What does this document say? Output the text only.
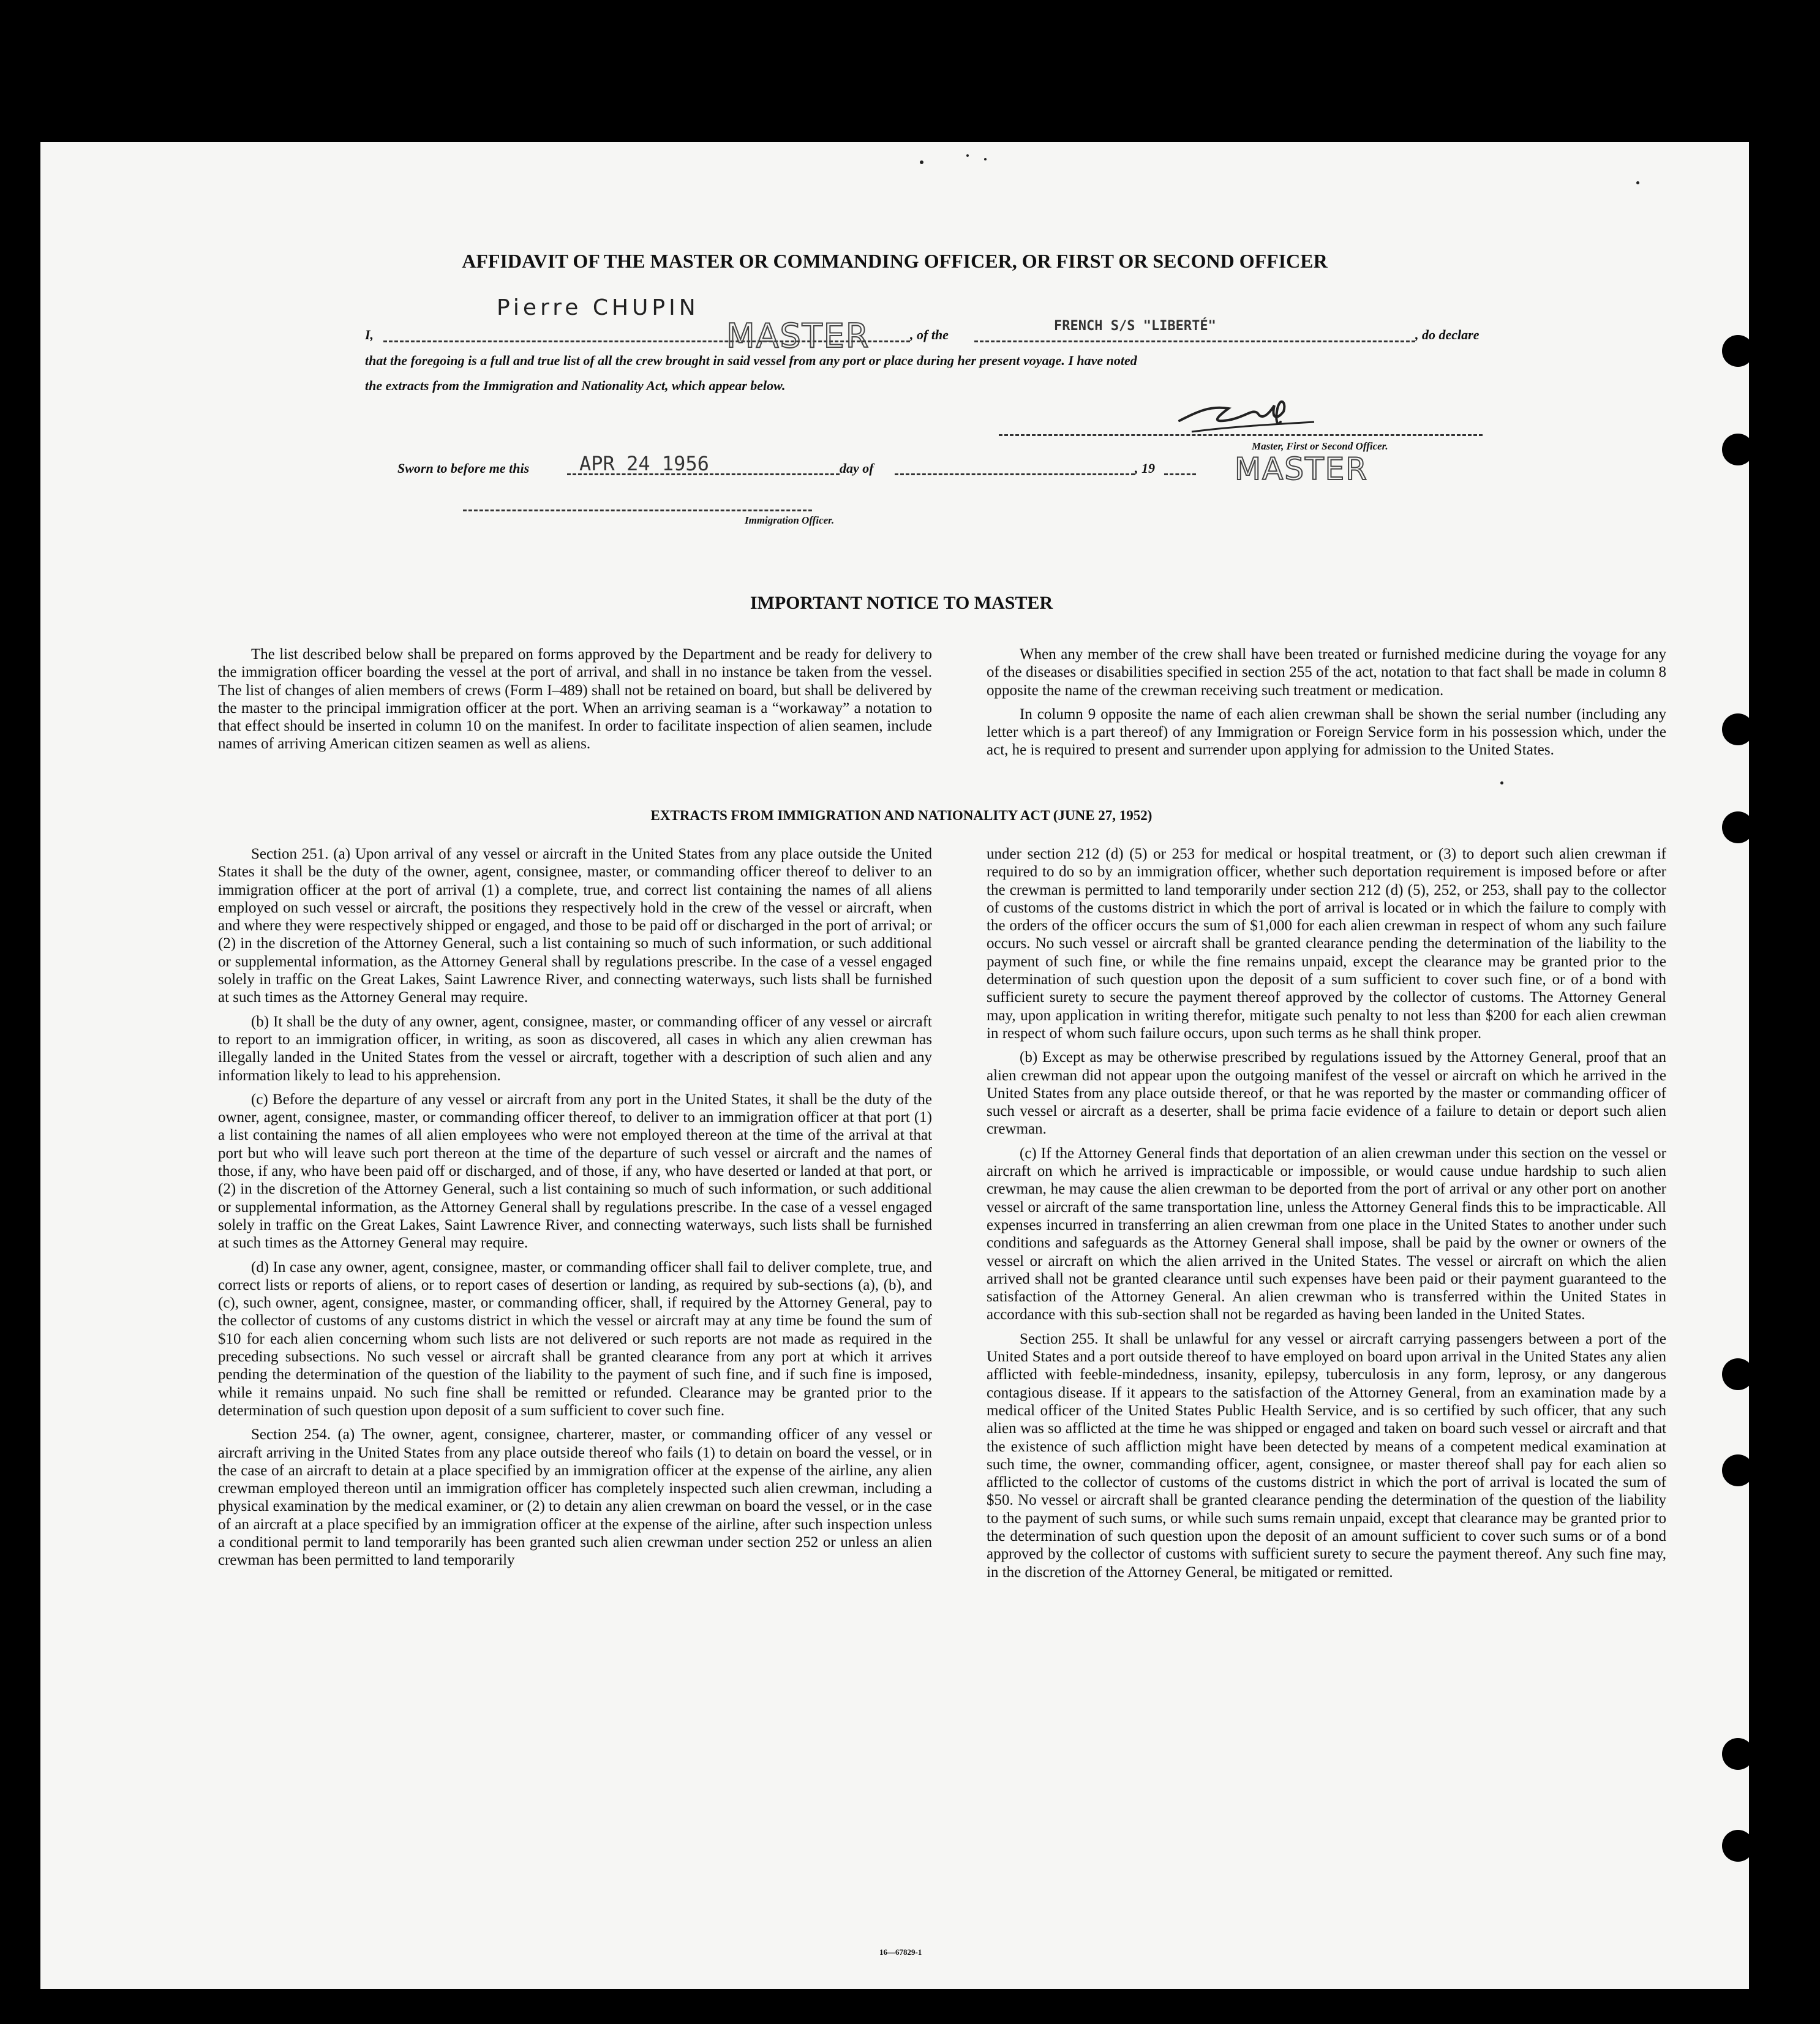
AFFIDAVIT OF THE MASTER OR COMMANDING OFFICER, OR FIRST OR SECOND OFFICER
I,
Pierre CHUPIN
MASTER	, of the
FRENCH S/S "LIBERTÉ"
, do declare
that the foregoing is a full and true list of all the crew brought in said vessel from any port or place during her present voyage. I have noted
the extracts from the Immigration and Nationality Act, which appear below.
Master, First or Second Officer.
MASTER
Sworn to before me this	APR 24 1956	day of	, 19
Immigration Officer.
IMPORTANT NOTICE TO MASTER

The list described below shall be prepared on forms approved by the Department and be ready for delivery to the immigration officer boarding the vessel at the port of arrival, and shall in no instance be taken from the vessel. The list of changes of alien members of crews (Form I–489) shall not be retained on board, but shall be delivered by the master to the principal immigration officer at the port. When an arriving seaman is a “workaway” a notation to that effect should be inserted in column 10 on the manifest. In order to facilitate inspection of alien seamen, include names of arriving American citizen seamen as well as aliens.

When any member of the crew shall have been treated or furnished medicine during the voyage for any of the diseases or disabilities specified in section 255 of the act, notation to that fact shall be made in column 8 opposite the name of the crewman receiving such treatment or medication.

In column 9 opposite the name of each alien crewman shall be shown the serial number (including any letter which is a part thereof) of any Immigration or Foreign Service form in his possession which, under the act, he is required to present and surrender upon applying for admission to the United States.

EXTRACTS FROM IMMIGRATION AND NATIONALITY ACT (JUNE 27, 1952)

Section 251. (a) Upon arrival of any vessel or aircraft in the United States from any place outside the United States it shall be the duty of the owner, agent, consignee, master, or commanding officer thereof to deliver to an immigration officer at the port of arrival (1) a complete, true, and correct list containing the names of all aliens employed on such vessel or aircraft, the positions they respectively hold in the crew of the vessel or aircraft, when and where they were respectively shipped or engaged, and those to be paid off or discharged in the port of arrival; or (2) in the discretion of the Attorney General, such a list containing so much of such information, or such additional or supplemental information, as the Attorney General shall by regulations prescribe. In the case of a vessel engaged solely in traffic on the Great Lakes, Saint Lawrence River, and connecting waterways, such lists shall be furnished at such times as the Attorney General may require.

(b) It shall be the duty of any owner, agent, consignee, master, or commanding officer of any vessel or aircraft to report to an immigration officer, in writing, as soon as discovered, all cases in which any alien crewman has illegally landed in the United States from the vessel or aircraft, together with a description of such alien and any information likely to lead to his apprehension.

(c) Before the departure of any vessel or aircraft from any port in the United States, it shall be the duty of the owner, agent, consignee, master, or commanding officer thereof, to deliver to an immigration officer at that port (1) a list containing the names of all alien employees who were not employed thereon at the time of the arrival at that port but who will leave such port thereon at the time of the departure of such vessel or aircraft and the names of those, if any, who have been paid off or discharged, and of those, if any, who have deserted or landed at that port, or (2) in the discretion of the Attorney General, such a list containing so much of such information, or such additional or supplemental information, as the Attorney General shall by regulations prescribe. In the case of a vessel engaged solely in traffic on the Great Lakes, Saint Lawrence River, and connecting waterways, such lists shall be furnished at such times as the Attorney General may require.

(d) In case any owner, agent, consignee, master, or commanding officer shall fail to deliver complete, true, and correct lists or reports of aliens, or to report cases of desertion or landing, as required by sub-sections (a), (b), and (c), such owner, agent, consignee, master, or commanding officer, shall, if required by the Attorney General, pay to the collector of customs of any customs district in which the vessel or aircraft may at any time be found the sum of $10 for each alien concerning whom such lists are not delivered or such reports are not made as required in the preceding subsections. No such vessel or aircraft shall be granted clearance from any port at which it arrives pending the determination of the question of the liability to the payment of such fine, and if such fine is imposed, while it remains unpaid. No such fine shall be remitted or refunded. Clearance may be granted prior to the determination of such question upon deposit of a sum sufficient to cover such fine.

Section 254. (a) The owner, agent, consignee, charterer, master, or commanding officer of any vessel or aircraft arriving in the United States from any place outside thereof who fails (1) to detain on board the vessel, or in the case of an aircraft to detain at a place specified by an immigration officer at the expense of the airline, any alien crewman employed thereon until an immigration officer has completely inspected such alien crewman, including a physical examination by the medical examiner, or (2) to detain any alien crewman on board the vessel, or in the case of an aircraft at a place specified by an immigration officer at the expense of the airline, after such inspection unless a conditional permit to land temporarily has been granted such alien crewman under section 252 or unless an alien crewman has been permitted to land temporarily

under section 212 (d) (5) or 253 for medical or hospital treatment, or (3) to deport such alien crewman if required to do so by an immigration officer, whether such deportation requirement is imposed before or after the crewman is permitted to land temporarily under section 212 (d) (5), 252, or 253, shall pay to the collector of customs of the customs district in which the port of arrival is located or in which the failure to comply with the orders of the officer occurs the sum of $1,000 for each alien crewman in respect of whom any such failure occurs. No such vessel or aircraft shall be granted clearance pending the determination of the liability to the payment of such fine, or while the fine remains unpaid, except the clearance may be granted prior to the determination of such question upon the deposit of a sum sufficient to cover such fine, or of a bond with sufficient surety to secure the payment thereof approved by the collector of customs. The Attorney General may, upon application in writing therefor, mitigate such penalty to not less than $200 for each alien crewman in respect of whom such failure occurs, upon such terms as he shall think proper.

(b) Except as may be otherwise prescribed by regulations issued by the Attorney General, proof that an alien crewman did not appear upon the outgoing manifest of the vessel or aircraft on which he arrived in the United States from any place outside thereof, or that he was reported by the master or commanding officer of such vessel or aircraft as a deserter, shall be prima facie evidence of a failure to detain or deport such alien crewman.

(c) If the Attorney General finds that deportation of an alien crewman under this section on the vessel or aircraft on which he arrived is impracticable or impossible, or would cause undue hardship to such alien crewman, he may cause the alien crewman to be deported from the port of arrival or any other port on another vessel or aircraft of the same transportation line, unless the Attorney General finds this to be impracticable. All expenses incurred in transferring an alien crewman from one place in the United States to another under such conditions and safeguards as the Attorney General shall impose, shall be paid by the owner or owners of the vessel or aircraft on which the alien arrived in the United States. The vessel or aircraft on which the alien arrived shall not be granted clearance until such expenses have been paid or their payment guaranteed to the satisfaction of the Attorney General. An alien crewman who is transferred within the United States in accordance with this sub-section shall not be regarded as having been landed in the United States.

Section 255. It shall be unlawful for any vessel or aircraft carrying passengers between a port of the United States and a port outside thereof to have employed on board upon arrival in the United States any alien afflicted with feeble-mindedness, insanity, epilepsy, tuberculosis in any form, leprosy, or any dangerous contagious disease. If it appears to the satisfaction of the Attorney General, from an examination made by a medical officer of the United States Public Health Service, and is so certified by such officer, that any such alien was so afflicted at the time he was shipped or engaged and taken on board such vessel or aircraft and that the existence of such affliction might have been detected by means of a competent medical examination at such time, the owner, commanding officer, agent, consignee, or master thereof shall pay for each alien so afflicted to the collector of customs of the customs district in which the port of arrival is located the sum of $50. No vessel or aircraft shall be granted clearance pending the determination of the question of the liability to the payment of such sums, or while such sums remain unpaid, except that clearance may be granted prior to the determination of such question upon the deposit of an amount sufficient to cover such sums or of a bond approved by the collector of customs with sufficient surety to secure the payment thereof. Any such fine may, in the discretion of the Attorney General, be mitigated or remitted.

16—67829-1
